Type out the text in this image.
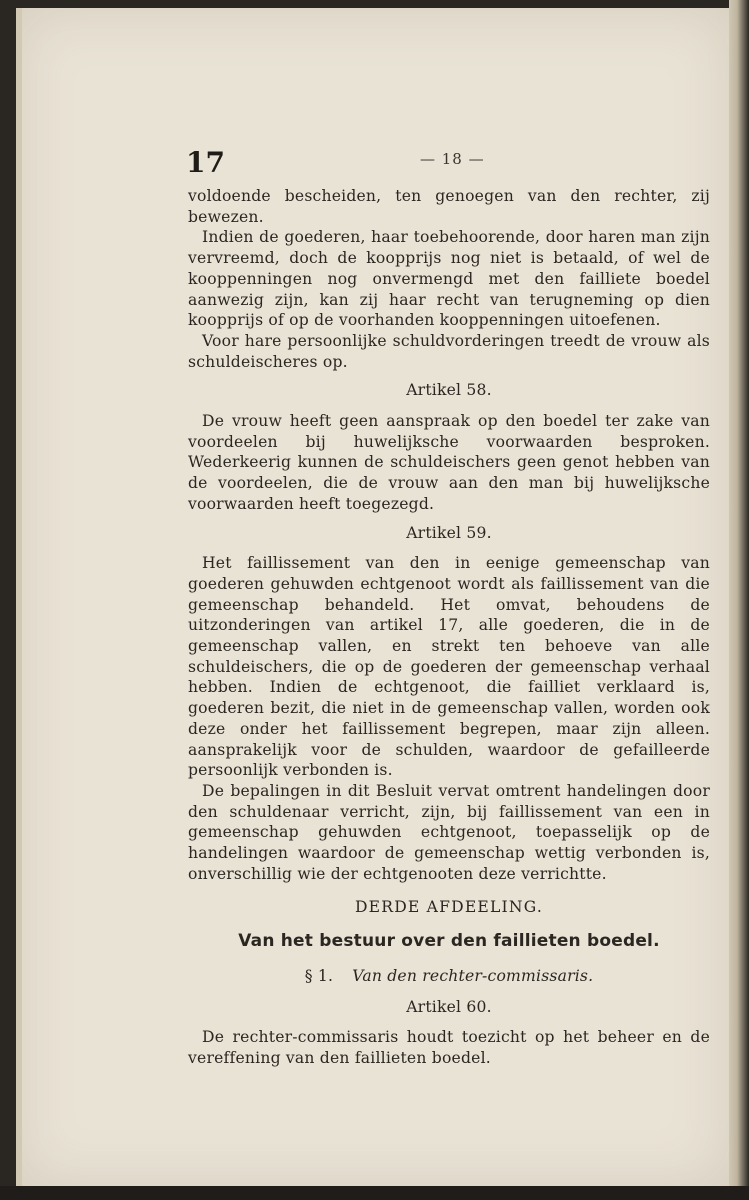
17	— 18 —

voldoende bescheiden, ten genoegen van den rechter, zij bewezen.

Indien de goederen, haar toebehoorende, door haren man zijn vervreemd, doch de koopprijs nog niet is betaald, of wel de kooppenningen nog onvermengd met den failliete boedel aanwezig zijn, kan zij haar recht van terugneming op dien koopprijs of op de voorhanden kooppenningen uitoefenen.

Voor hare persoonlijke schuldvorderingen treedt de vrouw als schuldeischeres op.

Artikel 58.

De vrouw heeft geen aanspraak op den boedel ter zake van voordeelen bij huwelijksche voorwaarden besproken. Wederkeerig kunnen de schuldeischers geen genot hebben van de voordeelen, die de vrouw aan den man bij huwelijksche voorwaarden heeft toegezegd.

Artikel 59.

Het faillissement van den in eenige gemeenschap van goederen gehuwden echtgenoot wordt als faillissement van die gemeenschap behandeld. Het omvat, behoudens de uitzonderingen van artikel 17, alle goederen, die in de gemeenschap vallen, en strekt ten behoeve van alle schuldeischers, die op de goederen der gemeenschap verhaal hebben. Indien de echtgenoot, die failliet verklaard is, goederen bezit, die niet in de gemeenschap vallen, worden ook deze onder het faillissement begrepen, maar zijn alleen. aansprakelijk voor de schulden, waardoor de gefailleerde persoonlijk verbonden is.

De bepalingen in dit Besluit vervat omtrent handelingen door den schuldenaar verricht, zijn, bij faillissement van een in gemeenschap gehuwden echtgenoot, toepasselijk op de handelingen waardoor de gemeenschap wettig verbonden is, onverschillig wie der echtgenooten deze verrichtte.

DERDE AFDEELING.

Van het bestuur over den faillieten boedel.

§ 1. Van den rechter-commissaris.

Artikel 60.

De rechter-commissaris houdt toezicht op het beheer en de vereffening van den faillieten boedel.
